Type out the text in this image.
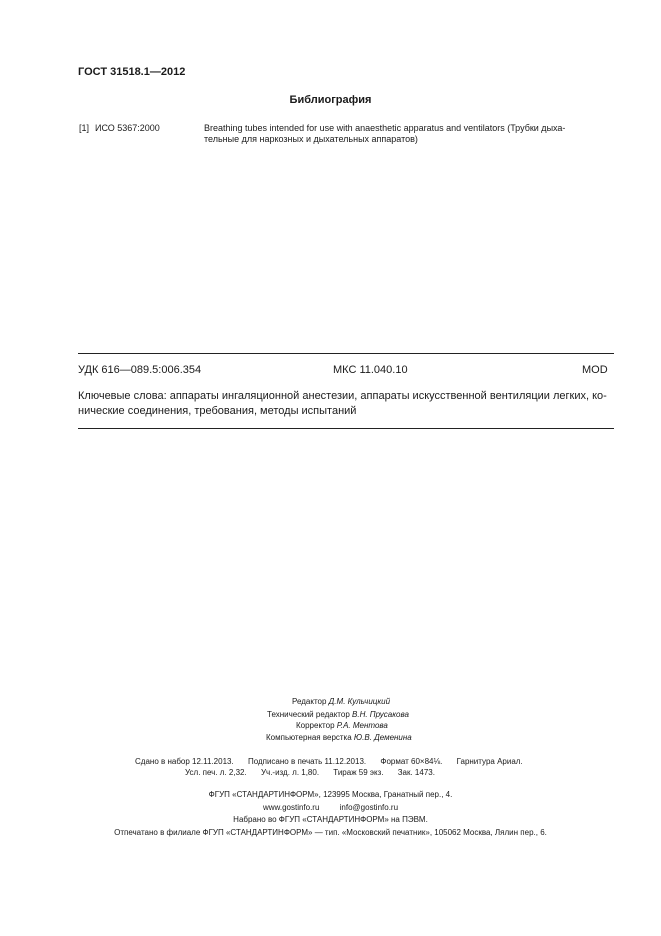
ГОСТ 31518.1—2012
Библиография
[1] ИСО 5367:2000	Breathing tubes intended for use with anaesthetic apparatus and ventilators (Трубки дыха-
тельные для наркозных и дыхательных аппаратов)
УДК 616—089.5:006.354	МКС 11.040.10	MOD
Ключевые слова: аппараты ингаляционной анестезии, аппараты искусственной вентиляции легких, ко-
нические соединения, требования, методы испытаний
Редактор Д.М. Кульчицкий
Технический редактор В.Н. Прусакова
Корректор Р.А. Ментова
Компьютерная верстка Ю.В. Деменина
Сдано в набор 12.11.2013. Подписано в печать 11.12.2013. Формат 60×84⅛. Гарнитура Ариал.
Усл. печ. л. 2,32. Уч.-изд. л. 1,80. Тираж 59 экз. Зак. 1473.
ФГУП «СТАНДАРТИНФОРМ», 123995 Москва, Гранатный пер., 4.
www.gostinfo.ru	info@gostinfo.ru
Набрано во ФГУП «СТАНДАРТИНФОРМ» на ПЭВМ.
Отпечатано в филиале ФГУП «СТАНДАРТИНФОРМ» — тип. «Московский печатник», 105062 Москва, Лялин пер., 6.
